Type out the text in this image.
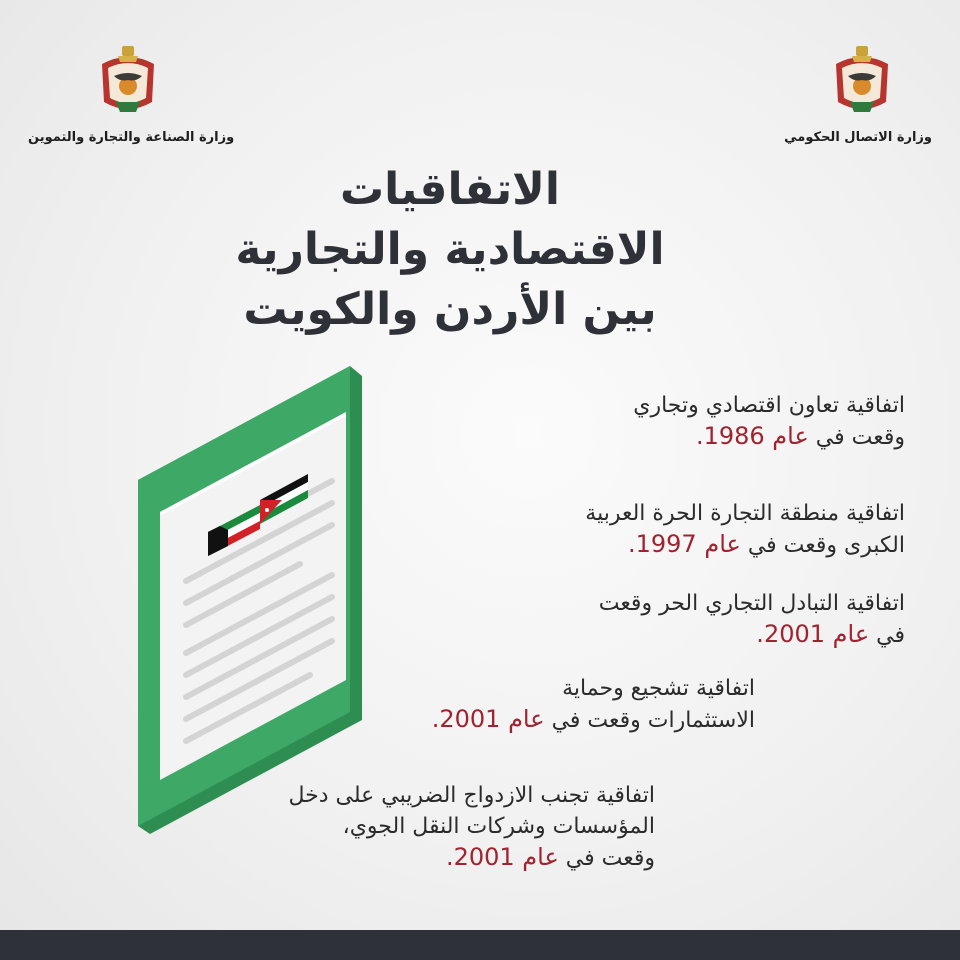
وزارة الصناعة والتجارة والتموين	وزارة الاتصال الحكومي
الاتفاقيات
الاقتصادية والتجارية
بين الأردن والكويت
اتفاقية تعاون اقتصادي وتجاري
وقعت في عام 1986.
اتفاقية منطقة التجارة الحرة العربية
الكبرى وقعت في عام 1997.
اتفاقية التبادل التجاري الحر وقعت
في عام 2001.
اتفاقية تشجيع وحماية
الاستثمارات وقعت في عام 2001.
اتفاقية تجنب الازدواج الضريبي على دخل
المؤسسات وشركات النقل الجوي،
وقعت في عام 2001.
